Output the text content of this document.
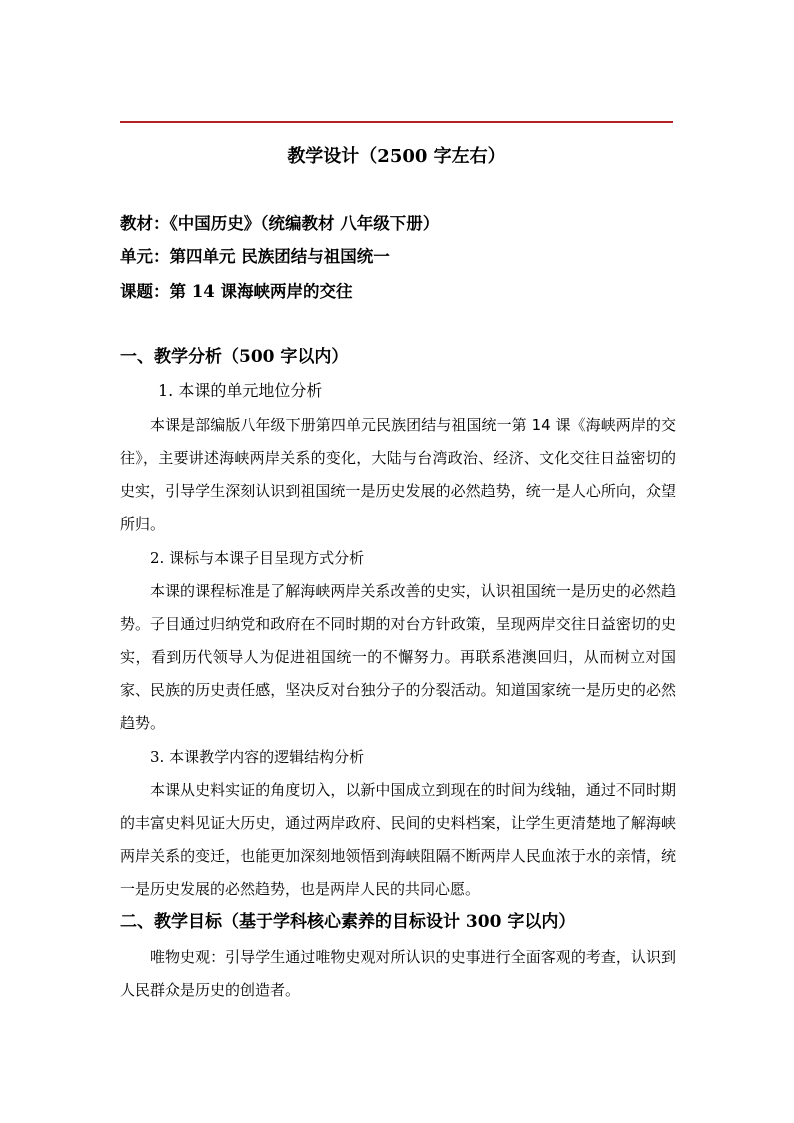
教学设计（2500 字左右）
教材：《中国历史》（统编教材 八年级下册）
单元：第四单元 民族团结与祖国统一
课题：第 14 课海峡两岸的交往
一、教学分析（500 字以内）
1. 本课的单元地位分析
本课是部编版八年级下册第四单元民族团结与祖国统一第 14 课《海峡两岸的交往》，主要讲述海峡两岸关系的变化，大陆与台湾政治、经济、文化交往日益密切的史实，引导学生深刻认识到祖国统一是历史发展的必然趋势，统一是人心所向，众望所归。
2. 课标与本课子目呈现方式分析
本课的课程标准是了解海峡两岸关系改善的史实，认识祖国统一是历史的必然趋势。子目通过归纳党和政府在不同时期的对台方针政策，呈现两岸交往日益密切的史实，看到历代领导人为促进祖国统一的不懈努力。再联系港澳回归，从而树立对国家、民族的历史责任感，坚决反对台独分子的分裂活动。知道国家统一是历史的必然趋势。
3. 本课教学内容的逻辑结构分析
本课从史料实证的角度切入，以新中国成立到现在的时间为线轴，通过不同时期的丰富史料见证大历史，通过两岸政府、民间的史料档案，让学生更清楚地了解海峡两岸关系的变迁，也能更加深刻地领悟到海峡阻隔不断两岸人民血浓于水的亲情，统一是历史发展的必然趋势，也是两岸人民的共同心愿。
二、教学目标（基于学科核心素养的目标设计 300 字以内）
唯物史观：引导学生通过唯物史观对所认识的史事进行全面客观的考查，认识到人民群众是历史的创造者。
